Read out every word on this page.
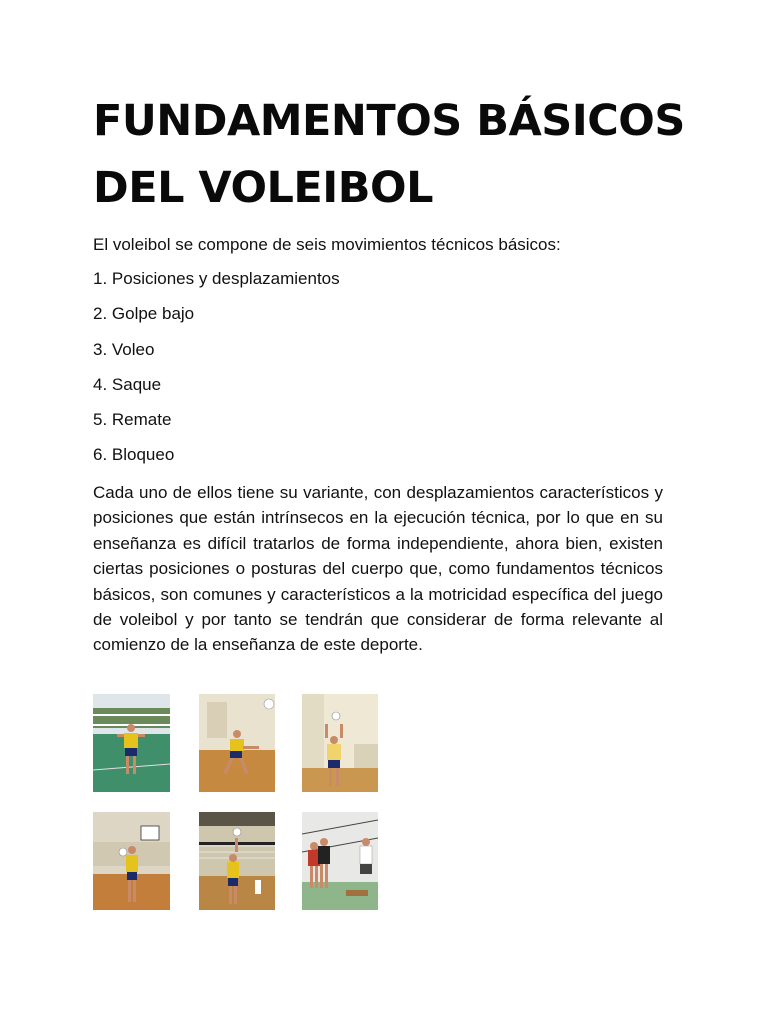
FUNDAMENTOS BÁSICOS DEL VOLEIBOL

El voleibol se compone de seis movimientos técnicos básicos:

1. Posiciones y desplazamientos
2. Golpe bajo
3. Voleo
4. Saque
5. Remate
6. Bloqueo

Cada uno de ellos tiene su variante, con desplazamientos característicos y posiciones que están intrínsecos en la ejecución técnica, por lo que en su enseñanza es difícil tratarlos de forma independiente, ahora bien, existen ciertas posiciones o posturas del cuerpo que, como fundamentos técnicos básicos, son comunes y característicos a la motricidad específica del juego de voleibol y por tanto se tendrán que considerar de forma relevante al comienzo de la enseñanza de este deporte.
